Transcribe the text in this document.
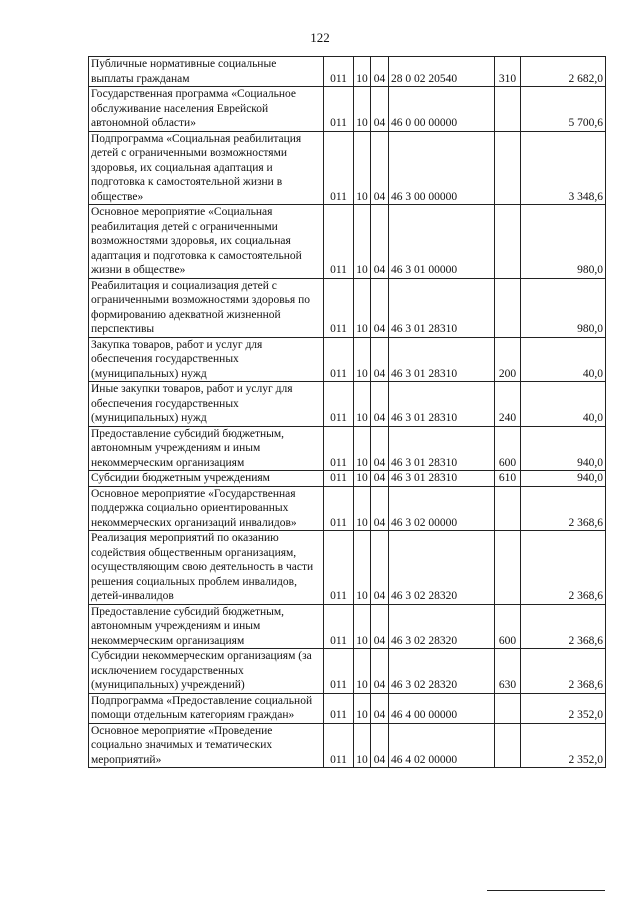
122
Публичные нормативные социальные выплаты гражданам	011	10	04	28 0 02 20540	310	2 682,0
Государственная программа «Социальное обслуживание населения Еврейской автономной области»	011	10	04	46 0 00 00000		5 700,6
Подпрограмма «Социальная реабилитация детей с ограниченными возможностями здоровья, их социальная адаптация и подготовка к самостоятельной жизни в обществе»	011	10	04	46 3 00 00000		3 348,6
Основное мероприятие «Социальная реабилитация детей с ограниченными возможностями здоровья, их социальная адаптация и подготовка к самостоятельной жизни в обществе»	011	10	04	46 3 01 00000		980,0
Реабилитация и социализация детей с ограниченными возможностями здоровья по формированию адекватной жизненной перспективы	011	10	04	46 3 01 28310		980,0
Закупка товаров, работ и услуг для обеспечения государственных (муниципальных) нужд	011	10	04	46 3 01 28310	200	40,0
Иные закупки товаров, работ и услуг для обеспечения государственных (муниципальных) нужд	011	10	04	46 3 01 28310	240	40,0
Предоставление субсидий бюджетным, автономным учреждениям и иным некоммерческим организациям	011	10	04	46 3 01 28310	600	940,0
Субсидии бюджетным учреждениям	011	10	04	46 3 01 28310	610	940,0
Основное мероприятие «Государственная поддержка социально ориентированных некоммерческих организаций инвалидов»	011	10	04	46 3 02 00000		2 368,6
Реализация мероприятий по оказанию содействия общественным организациям, осуществляющим свою деятельность в части решения социальных проблем инвалидов, детей-инвалидов	011	10	04	46 3 02 28320		2 368,6
Предоставление субсидий бюджетным, автономным учреждениям и иным некоммерческим организациям	011	10	04	46 3 02 28320	600	2 368,6
Субсидии некоммерческим организациям (за исключением государственных (муниципальных) учреждений)	011	10	04	46 3 02 28320	630	2 368,6
Подпрограмма «Предоставление социальной помощи отдельным категориям граждан»	011	10	04	46 4 00 00000		2 352,0
Основное мероприятие «Проведение социально значимых и тематических мероприятий»	011	10	04	46 4 02 00000		2 352,0
